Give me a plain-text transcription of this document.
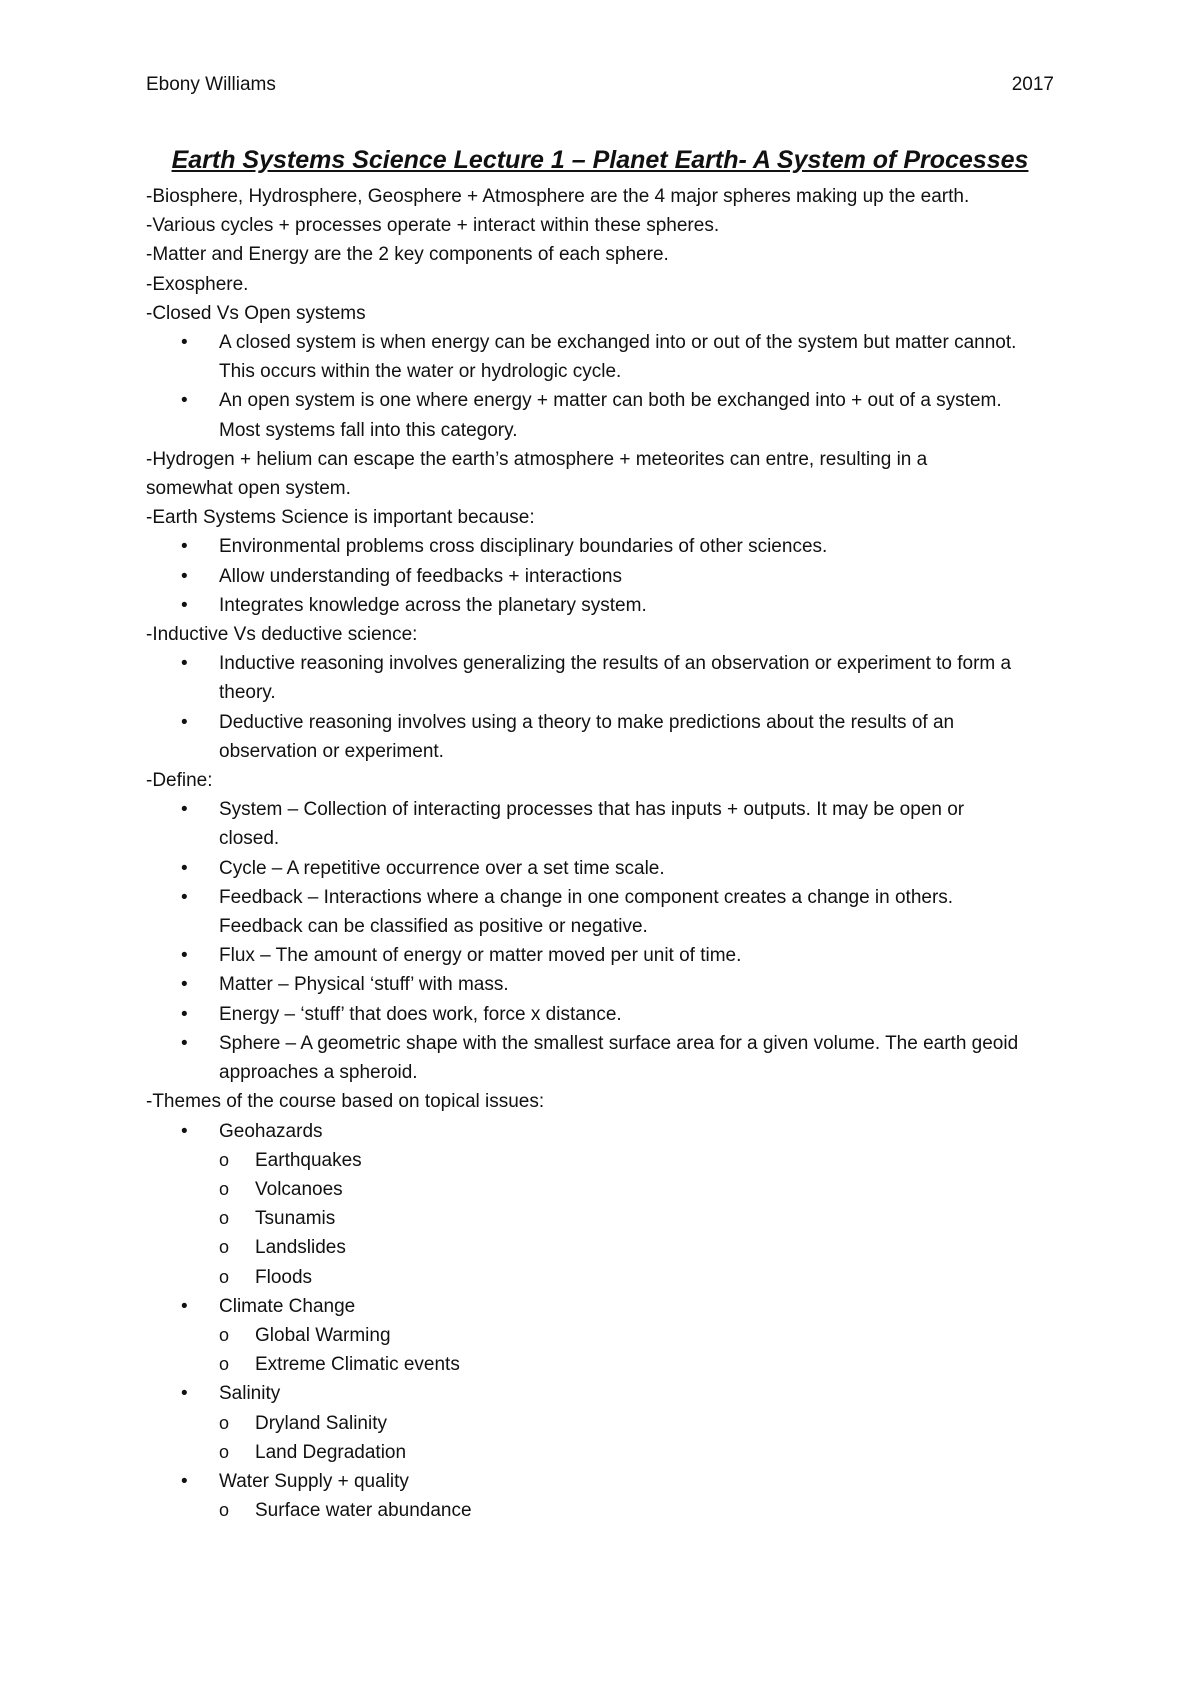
Ebony Williams	2017
Earth Systems Science Lecture 1 – Planet Earth- A System of Processes

-Biosphere, Hydrosphere, Geosphere + Atmosphere are the 4 major spheres making up the earth.

-Various cycles + processes operate + interact within these spheres.

-Matter and Energy are the 2 key components of each sphere.

-Exosphere.

-Closed Vs Open systems

• A closed system is when energy can be exchanged into or out of the system but matter cannot. This occurs within the water or hydrologic cycle.

• An open system is one where energy + matter can both be exchanged into + out of a system. Most systems fall into this category.

-Hydrogen + helium can escape the earth’s atmosphere + meteorites can entre, resulting in a somewhat open system.

-Earth Systems Science is important because:

• Environmental problems cross disciplinary boundaries of other sciences.

• Allow understanding of feedbacks + interactions

• Integrates knowledge across the planetary system.

-Inductive Vs deductive science:

• Inductive reasoning involves generalizing the results of an observation or experiment to form a theory.

• Deductive reasoning involves using a theory to make predictions about the results of an observation or experiment.

-Define:

• System – Collection of interacting processes that has inputs + outputs. It may be open or closed.

• Cycle – A repetitive occurrence over a set time scale.

• Feedback – Interactions where a change in one component creates a change in others. Feedback can be classified as positive or negative.

• Flux – The amount of energy or matter moved per unit of time.

• Matter – Physical ‘stuff’ with mass.

• Energy – ‘stuff’ that does work, force x distance.

• Sphere – A geometric shape with the smallest surface area for a given volume. The earth geoid approaches a spheroid.

-Themes of the course based on topical issues:

• Geohazards

o Earthquakes

o Volcanoes

o Tsunamis

o Landslides

o Floods

• Climate Change

o Global Warming

o Extreme Climatic events

• Salinity

o Dryland Salinity

o Land Degradation

• Water Supply + quality

o Surface water abundance
